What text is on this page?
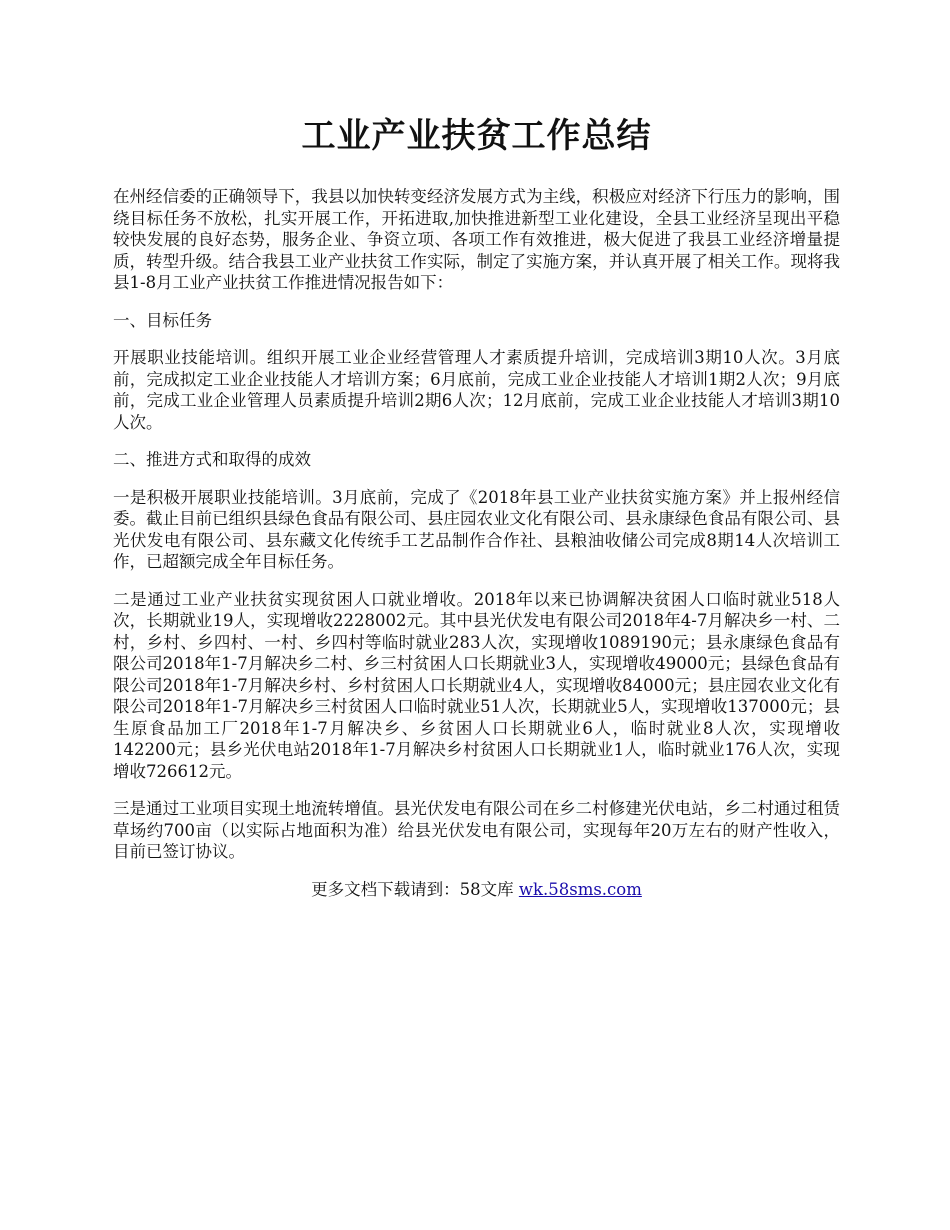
工业产业扶贫工作总结

在州经信委的正确领导下，我县以加快转变经济发展方式为主线，积极应对经济下行压力的影响，围绕目标任务不放松，扎实开展工作，开拓进取,加快推进新型工业化建设，全县工业经济呈现出平稳较快发展的良好态势，服务企业、争资立项、各项工作有效推进，极大促进了我县工业经济增量提质，转型升级。结合我县工业产业扶贫工作实际，制定了实施方案，并认真开展了相关工作。现将我县1-8月工业产业扶贫工作推进情况报告如下：

一、目标任务

开展职业技能培训。组织开展工业企业经营管理人才素质提升培训，完成培训3期10人次。3月底前，完成拟定工业企业技能人才培训方案；6月底前，完成工业企业技能人才培训1期2人次；9月底前，完成工业企业管理人员素质提升培训2期6人次；12月底前，完成工业企业技能人才培训3期10人次。

二、推进方式和取得的成效

一是积极开展职业技能培训。3月底前，完成了《2018年县工业产业扶贫实施方案》并上报州经信委。截止目前已组织县绿色食品有限公司、县庄园农业文化有限公司、县永康绿色食品有限公司、县光伏发电有限公司、县东藏文化传统手工艺品制作合作社、县粮油收储公司完成8期14人次培训工作，已超额完成全年目标任务。

二是通过工业产业扶贫实现贫困人口就业增收。2018年以来已协调解决贫困人口临时就业518人次，长期就业19人，实现增收2228002元。其中县光伏发电有限公司2018年4-7月解决乡一村、二村，乡村、乡四村、一村、乡四村等临时就业283人次，实现增收1089190元；县永康绿色食品有限公司2018年1-7月解决乡二村、乡三村贫困人口长期就业3人，实现增收49000元；县绿色食品有限公司2018年1-7月解决乡村、乡村贫困人口长期就业4人，实现增收84000元；县庄园农业文化有限公司2018年1-7月解决乡三村贫困人口临时就业51人次，长期就业5人，实现增收137000元；县生原食品加工厂2018年1-7月解决乡、乡贫困人口长期就业6人，临时就业8人次，实现增收142200元；县乡光伏电站2018年1-7月解决乡村贫困人口长期就业1人，临时就业176人次，实现增收726612元。

三是通过工业项目实现土地流转增值。县光伏发电有限公司在乡二村修建光伏电站，乡二村通过租赁草场约700亩（以实际占地面积为准）给县光伏发电有限公司，实现每年20万左右的财产性收入，目前已签订协议。

更多文档下载请到：58文库 wk.58sms.com
